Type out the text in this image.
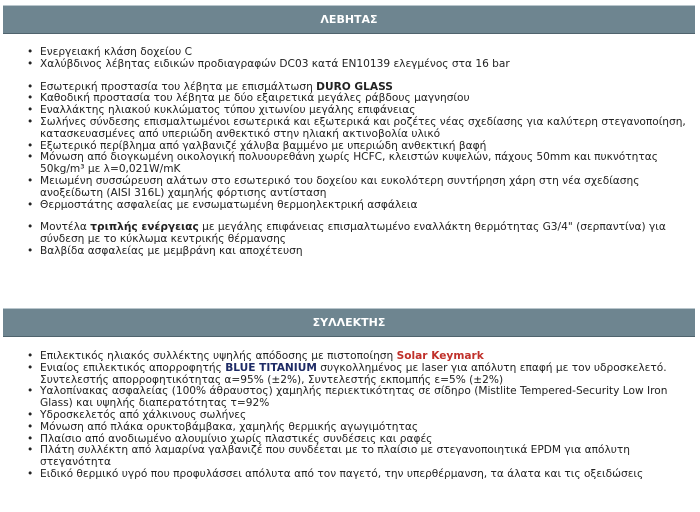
ΛΕΒΗΤΑΣ
• Ενεργειακή κλάση δοχείου C
• Χαλύβδινος λέβητας ειδικών προδιαγραφών DC03 κατά EN10139 ελεγμένος στα 16 bar
• Εσωτερική προστασία του λέβητα με επισμάλτωση DURO GLASS
• Καθοδική προστασία του λέβητα με δύο εξαιρετικά μεγάλες ράβδους μαγνησίου
• Εναλλάκτης ηλιακού κυκλώματος τύπου χιτωνίου μεγάλης επιφάνειας
• Σωλήνες σύνδεσης επισμαλτωμένοι εσωτερικά και εξωτερικά και ροζέτες νέας σχεδίασης για καλύτερη στεγανοποίηση, κατασκευασμένες από υπεριώδη ανθεκτικό στην ηλιακή ακτινοβολία υλικό
• Εξωτερικό περίβλημα από γαλβανιζέ χάλυβα βαμμένο με υπεριώδη ανθεκτική βαφή
• Μόνωση από διογκωμένη οικολογική πολυουρεθάνη χωρίς HCFC, κλειστών κυψελών, πάχους 50mm και πυκνότητας 50kg/m³ με λ=0,021W/mK
• Μειωμένη συσσώρευση αλάτων στο εσωτερικό του δοχείου και ευκολότερη συντήρηση χάρη στη νέα σχεδίασης ανοξείδωτη (AISI 316L) χαμηλής φόρτισης αντίσταση
• Θερμοστάτης ασφαλείας με ενσωματωμένη θερμοηλεκτρική ασφάλεια
• Μοντέλα τριπλής ενέργειας με μεγάλης επιφάνειας επισμαλτωμένο εναλλάκτη θερμότητας G3/4" (σερπαντίνα) για σύνδεση με το κύκλωμα κεντρικής θέρμανσης
• Βαλβίδα ασφαλείας με μεμβράνη και αποχέτευση
ΣΥΛΛΕΚΤΗΣ
• Επιλεκτικός ηλιακός συλλέκτης υψηλής απόδοσης με πιστοποίηση Solar Keymark
• Ενιαίος επιλεκτικός απορροφητής BLUE TITANIUM συγκολλημένος με laser για απόλυτη επαφή με τον υδροσκελετό. Συντελεστής απορροφητικότητας α=95% (±2%), Συντελεστής εκπομπής ε=5% (±2%)
• Υαλοπίνακας ασφαλείας (100% άθραυστος) χαμηλής περιεκτικότητας σε σίδηρο (Mistlite Tempered-Security Low Iron Glass) και υψηλής διαπερατότητας τ=92%
• Υδροσκελετός από χάλκινους σωλήνες
• Μόνωση από πλάκα ορυκτοβάμβακα, χαμηλής θερμικής αγωγιμότητας
• Πλαίσιο από ανοδιωμένο αλουμίνιο χωρίς πλαστικές συνδέσεις και ραφές
• Πλάτη συλλέκτη από λαμαρίνα γαλβανιζέ που συνδέεται με το πλαίσιο με στεγανοποιητικά EPDM για απόλυτη στεγανότητα
• Ειδικό θερμικό υγρό που προφυλάσσει απόλυτα από τον παγετό, την υπερθέρμανση, τα άλατα και τις οξειδώσεις
